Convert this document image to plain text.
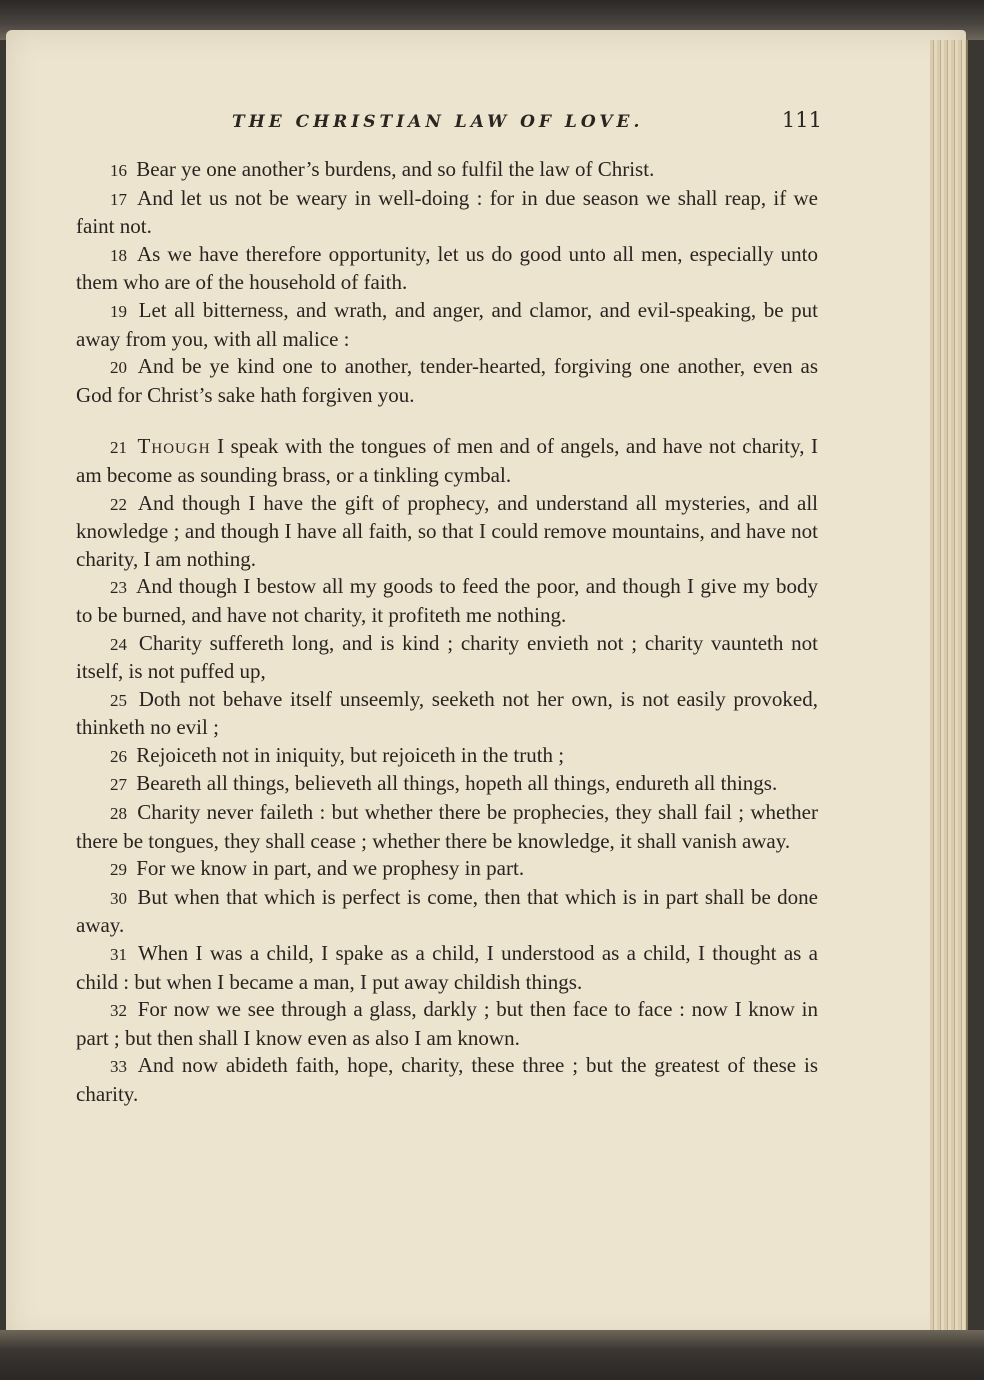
THE CHRISTIAN LAW OF LOVE.	111

16 Bear ye one another’s burdens, and so fulfil the law of Christ.

17 And let us not be weary in well-doing : for in due season we shall reap, if we faint not.

18 As we have therefore opportunity, let us do good unto all men, especially unto them who are of the household of faith.

19 Let all bitterness, and wrath, and anger, and clamor, and evil-speaking, be put away from you, with all malice :

20 And be ye kind one to another, tender-hearted, forgiving one another, even as God for Christ’s sake hath forgiven you.

21 Though I speak with the tongues of men and of angels, and have not charity, I am become as sounding brass, or a tinkling cymbal.

22 And though I have the gift of prophecy, and understand all mysteries, and all knowledge ; and though I have all faith, so that I could remove mountains, and have not charity, I am nothing.

23 And though I bestow all my goods to feed the poor, and though I give my body to be burned, and have not charity, it profiteth me nothing.

24 Charity suffereth long, and is kind ; charity envieth not ; charity vaunteth not itself, is not puffed up,

25 Doth not behave itself unseemly, seeketh not her own, is not easily provoked, thinketh no evil ;

26 Rejoiceth not in iniquity, but rejoiceth in the truth ;

27 Beareth all things, believeth all things, hopeth all things, endureth all things.

28 Charity never faileth : but whether there be prophecies, they shall fail ; whether there be tongues, they shall cease ; whether there be knowledge, it shall vanish away.

29 For we know in part, and we prophesy in part.

30 But when that which is perfect is come, then that which is in part shall be done away.

31 When I was a child, I spake as a child, I understood as a child, I thought as a child : but when I became a man, I put away childish things.

32 For now we see through a glass, darkly ; but then face to face : now I know in part ; but then shall I know even as also I am known.

33 And now abideth faith, hope, charity, these three ; but the greatest of these is charity.
